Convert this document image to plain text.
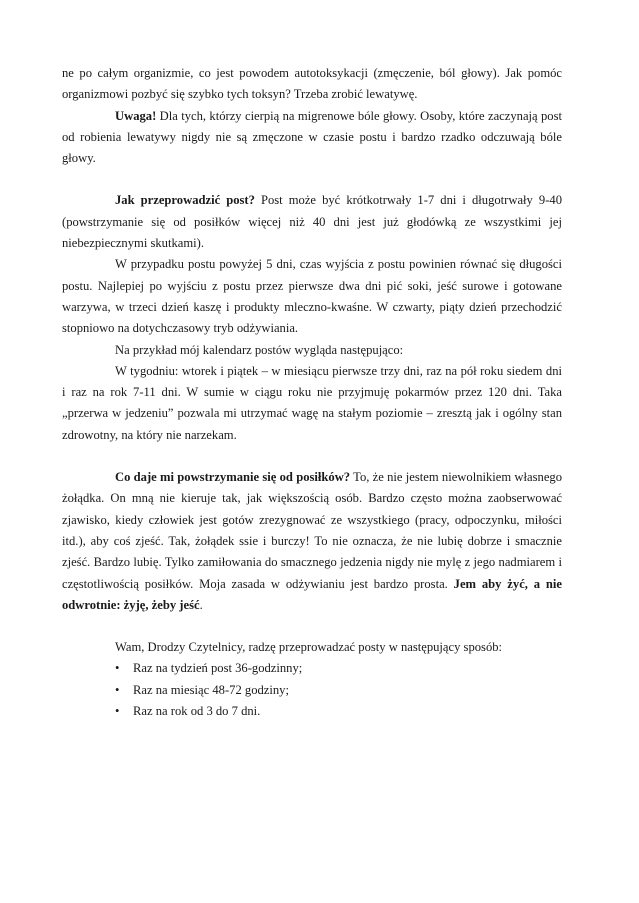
ne po całym organizmie, co jest powodem autotoksykacji (zmęczenie, ból głowy). Jak pomóc organizmowi pozbyć się szybko tych toksyn? Trzeba zrobić lewatywę.

Uwaga! Dla tych, którzy cierpią na migrenowe bóle głowy. Osoby, które zaczynają post od robienia lewatywy nigdy nie są zmęczone w czasie postu i bardzo rzadko odczuwają bóle głowy.

Jak przeprowadzić post? Post może być krótkotrwały 1-7 dni i długotrwały 9-40 (powstrzymanie się od posiłków więcej niż 40 dni jest już głodówką ze wszystkimi jej niebezpiecznymi skutkami).

W przypadku postu powyżej 5 dni, czas wyjścia z postu powinien równać się długości postu. Najlepiej po wyjściu z postu przez pierwsze dwa dni pić soki, jeść surowe i gotowane warzywa, w trzeci dzień kaszę i produkty mleczno-kwaśne. W czwarty, piąty dzień przechodzić stopniowo na dotychczasowy tryb odżywiania.

Na przykład mój kalendarz postów wygląda następująco:

W tygodniu: wtorek i piątek – w miesiącu pierwsze trzy dni, raz na pół roku siedem dni i raz na rok 7-11 dni. W sumie w ciągu roku nie przyjmuję pokarmów przez 120 dni. Taka „przerwa w jedzeniu” pozwala mi utrzymać wagę na stałym poziomie – zresztą jak i ogólny stan zdrowotny, na który nie narzekam.

Co daje mi powstrzymanie się od posiłków? To, że nie jestem niewolnikiem własnego żołądka. On mną nie kieruje tak, jak większością osób. Bardzo często można zaobserwować zjawisko, kiedy człowiek jest gotów zrezygnować ze wszystkiego (pracy, odpoczynku, miłości itd.), aby coś zjeść. Tak, żołądek ssie i burczy! To nie oznacza, że nie lubię dobrze i smacznie zjeść. Bardzo lubię. Tylko zamiłowania do smacznego jedzenia nigdy nie mylę z jego nadmiarem i częstotliwością posiłków. Moja zasada w odżywianiu jest bardzo prosta. Jem aby żyć, a nie odwrotnie: żyję, żeby jeść.

Wam, Drodzy Czytelnicy, radzę przeprowadzać posty w następujący sposób:

• Raz na tydzień post 36-godzinny;
• Raz na miesiąc 48-72 godziny;
• Raz na rok od 3 do 7 dni.
